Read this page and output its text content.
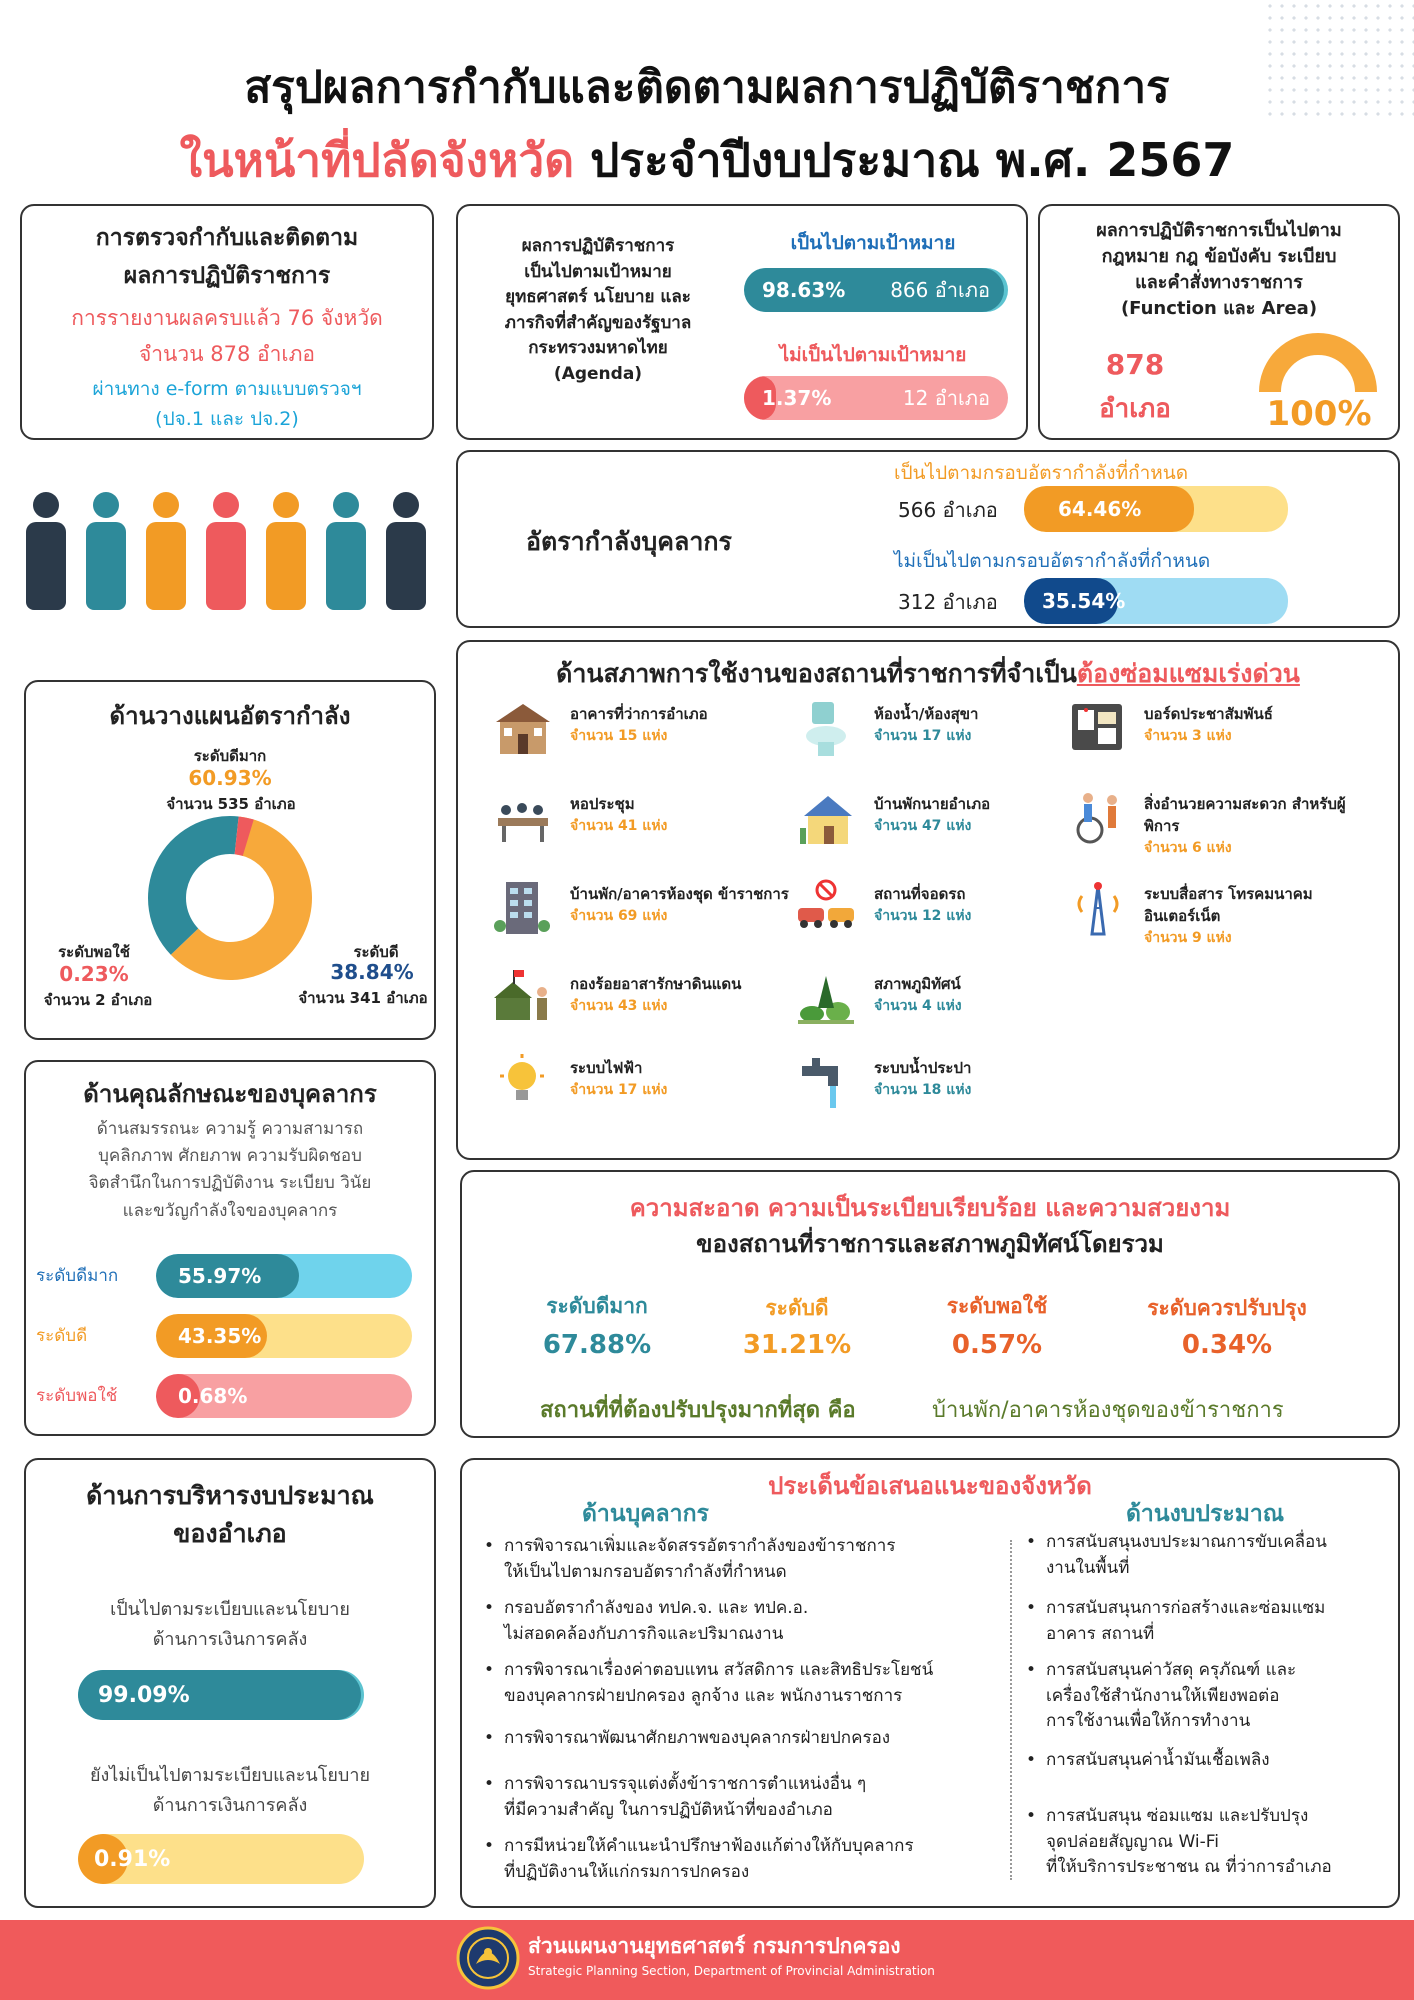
สรุปผลการกำกับและติดตามผลการปฏิบัติราชการ
ในหน้าที่ปลัดจังหวัด ประจำปีงบประมาณ พ.ศ. 2567
การตรวจกำกับและติดตาม
ผลการปฏิบัติราชการ
การรายงานผลครบแล้ว 76 จังหวัด
จำนวน 878 อำเภอ
ผ่านทาง e-form ตามแบบตรวจฯ
(ปจ.1 และ ปจ.2)
ผลการปฏิบัติราชการ
เป็นไปตามเป้าหมาย
ยุทธศาสตร์ นโยบาย และ
ภารกิจที่สำคัญของรัฐบาล
กระทรวงมหาดไทย
(Agenda)
เป็นไปตามเป้าหมาย
98.63% 866 อำเภอ
ไม่เป็นไปตามเป้าหมาย
1.37%	12 อำเภอ
ผลการปฏิบัติราชการเป็นไปตาม
กฎหมาย กฎ ข้อบังคับ ระเบียบ
และคำสั่งทางราชการ
(Function และ Area)
878
อำเภอ	100%
อัตรากำลังบุคลากร
เป็นไปตามกรอบอัตรากำลังที่กำหนด
566 อำเภอ	64.46%
ไม่เป็นไปตามกรอบอัตรากำลังที่กำหนด
312 อำเภอ	35.54%
ด้านวางแผนอัตรากำลัง
ระดับดีมาก
60.93%
จำนวน 535 อำเภอ
ระดับดี
38.84%
จำนวน 341 อำเภอ
ระดับพอใช้
0.23%
จำนวน 2 อำเภอ
ด้านสภาพการใช้งานของสถานที่ราชการที่จำเป็นต้องซ่อมแซมเร่งด่วน
อาคารที่ว่าการอำเภอ
จำนวน 15 แห่ง
ห้องน้ำ/ห้องสุขา
จำนวน 17 แห่ง
บอร์ดประชาสัมพันธ์
จำนวน 3 แห่ง
หอประชุม
จำนวน 41 แห่ง
บ้านพักนายอำเภอ
จำนวน 47 แห่ง
สิ่งอำนวยความสะดวก สำหรับผู้พิการ
จำนวน 6 แห่ง
บ้านพัก/อาคารห้องชุด ข้าราชการ
จำนวน 69 แห่ง
สถานที่จอดรถ
จำนวน 12 แห่ง
ระบบสื่อสาร โทรคมนาคม อินเตอร์เน็ต
จำนวน 9 แห่ง
กองร้อยอาสารักษาดินแดน
จำนวน 43 แห่ง
สภาพภูมิทัศน์
จำนวน 4 แห่ง
ระบบไฟฟ้า
จำนวน 17 แห่ง
ระบบน้ำประปา
จำนวน 18 แห่ง
ด้านคุณลักษณะของบุคลากร
ด้านสมรรถนะ ความรู้ ความสามารถ
บุคลิกภาพ ศักยภาพ ความรับผิดชอบ
จิตสำนึกในการปฏิบัติงาน ระเบียบ วินัย
และขวัญกำลังใจของบุคลากร
ระดับดีมาก	55.97%
ระดับดี	43.35%
ระดับพอใช้	0.68%
ความสะอาด ความเป็นระเบียบเรียบร้อย และความสวยงาม
ของสถานที่ราชการและสภาพภูมิทัศน์โดยรวม
ระดับดีมาก
67.88%
ระดับดี
31.21%
ระดับพอใช้
0.57%
ระดับควรปรับปรุง
0.34%
สถานที่ที่ต้องปรับปรุงมากที่สุด คือ	บ้านพัก/อาคารห้องชุดของข้าราชการ
ด้านการบริหารงบประมาณ
ของอำเภอ
เป็นไปตามระเบียบและนโยบาย
ด้านการเงินการคลัง
99.09%
ยังไม่เป็นไปตามระเบียบและนโยบาย
ด้านการเงินการคลัง
0.91%
ประเด็นข้อเสนอแนะของจังหวัด
ด้านบุคลากร	ด้านงบประมาณ
• การพิจารณาเพิ่มและจัดสรรอัตรากำลังของข้าราชการ
ให้เป็นไปตามกรอบอัตรากำลังที่กำหนด
• กรอบอัตรากำลังของ ทปค.จ. และ ทปค.อ.
ไม่สอดคล้องกับภารกิจและปริมาณงาน
• การพิจารณาเรื่องค่าตอบแทน สวัสดิการ และสิทธิประโยชน์
ของบุคลากรฝ่ายปกครอง ลูกจ้าง และ พนักงานราชการ
• การพิจารณาพัฒนาศักยภาพของบุคลากรฝ่ายปกครอง
• การพิจารณาบรรจุแต่งตั้งข้าราชการตำแหน่งอื่น ๆ
ที่มีความสำคัญ ในการปฏิบัติหน้าที่ของอำเภอ
• การมีหน่วยให้คำแนะนำปรึกษาฟ้องแก้ต่างให้กับบุคลากร
ที่ปฏิบัติงานให้แก่กรมการปกครอง
• การสนับสนุนงบประมาณการขับเคลื่อน
งานในพื้นที่
• การสนับสนุนการก่อสร้างและซ่อมแซม
อาคาร สถานที่
• การสนับสนุนค่าวัสดุ ครุภัณฑ์ และ
เครื่องใช้สำนักงานให้เพียงพอต่อ
การใช้งานเพื่อให้การทำงาน
• การสนับสนุนค่าน้ำมันเชื้อเพลิง
• การสนับสนุน ซ่อมแซม และปรับปรุง
จุดปล่อยสัญญาณ Wi-Fi
ที่ให้บริการประชาชน ณ ที่ว่าการอำเภอ
ส่วนแผนงานยุทธศาสตร์ กรมการปกครอง
Strategic Planning Section, Department of Provincial Administration
